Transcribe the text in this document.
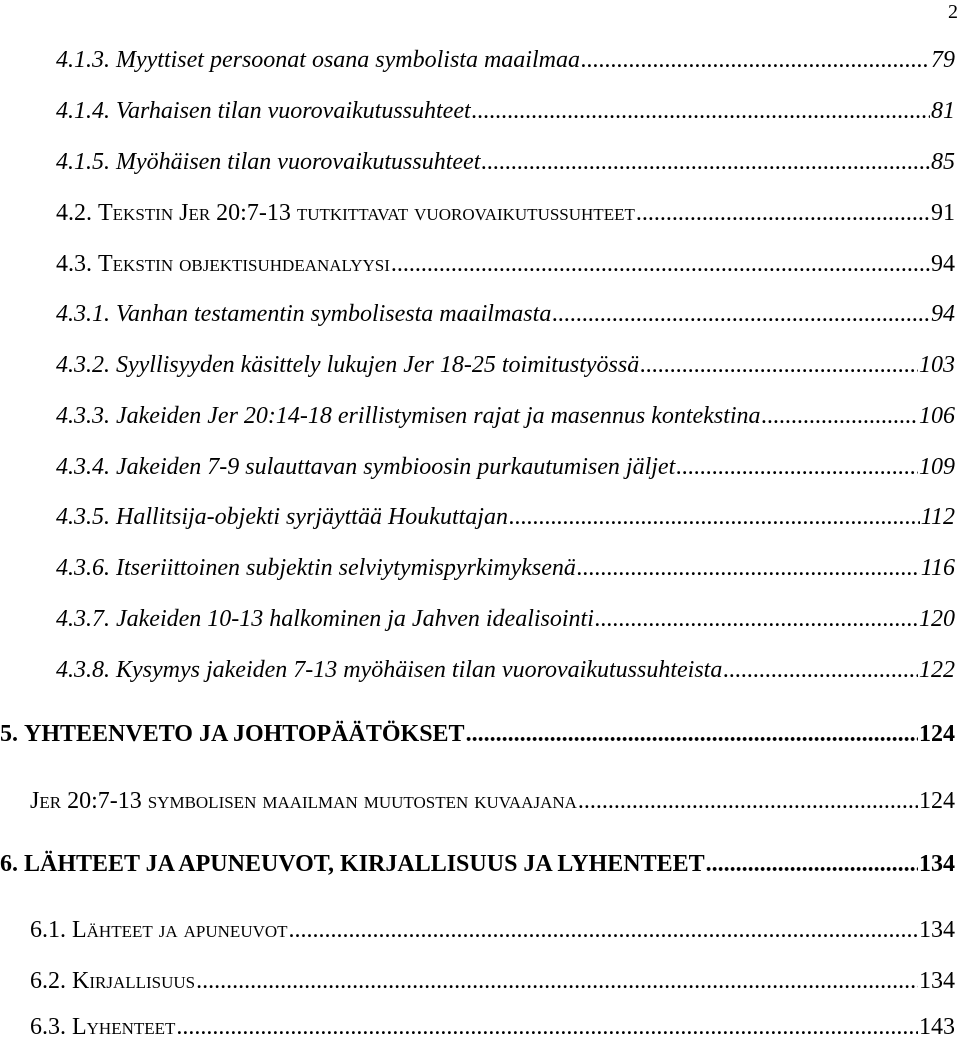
2
4.1.3. Myyttiset persoonat osana symbolista maailmaa .....	79
4.1.4. Varhaisen tilan vuorovaikutussuhteet .....	81
4.1.5. Myöhäisen tilan vuorovaikutussuhteet .....	85
4.2. Tekstin Jer 20:7-13 tutkittavat vuorovaikutussuhteet .....	91
4.3. Tekstin objektisuhdeanalyysi .....	94
4.3.1. Vanhan testamentin symbolisesta maailmasta .....	94
4.3.2. Syyllisyyden käsittely lukujen Jer 18-25 toimitustyössä .....	103
4.3.3. Jakeiden Jer 20:14-18 erillistymisen rajat ja masennus kontekstina .....	106
4.3.4. Jakeiden 7-9 sulauttavan symbioosin purkautumisen jäljet .....	109
4.3.5. Hallitsija-objekti syrjäyttää Houkuttajan .....	112
4.3.6. Itseriittoinen subjektin selviytymispyrkimyksenä .....	116
4.3.7. Jakeiden 10-13 halkominen ja Jahven idealisointi .....	120
4.3.8. Kysymys jakeiden 7-13 myöhäisen tilan vuorovaikutussuhteista .....	122
5. YHTEENVETO JA JOHTOPÄÄTÖKSET .....	124
Jer 20:7-13 symbolisen maailman muutosten kuvaajana .....	124
6. LÄHTEET JA APUNEUVOT, KIRJALLISUUS JA LYHENTEET .....	134
6.1. Lähteet ja apuneuvot .....	134
6.2. Kirjallisuus .....	134
6.3. Lyhenteet .....	143
